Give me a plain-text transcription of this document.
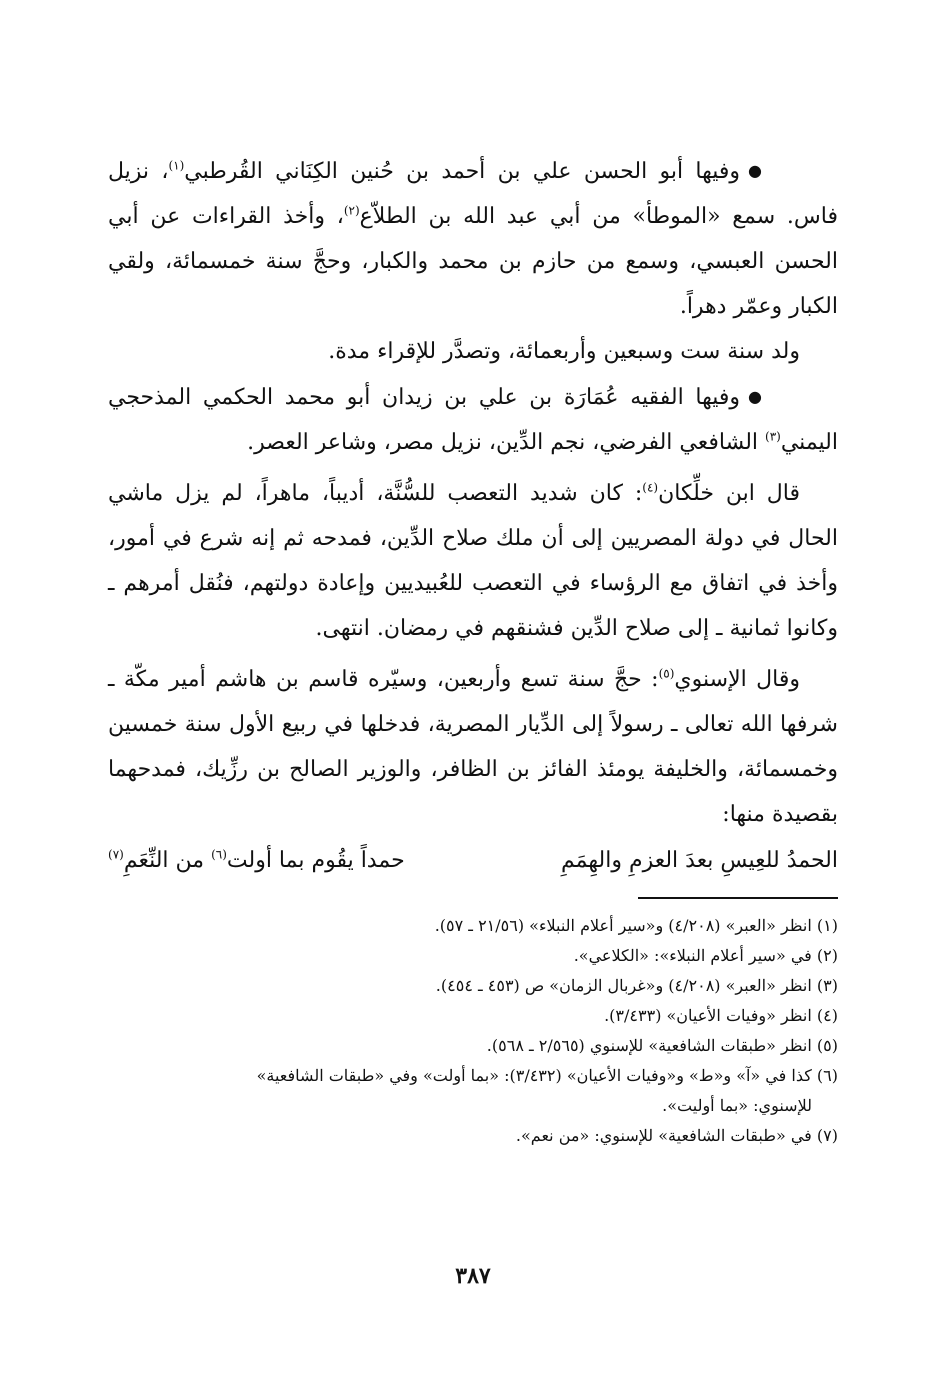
●وفيها أبو الحسن علي بن أحمد بن حُنين الكِنَاني القُرطبي$^{(١)}$، نزيل فاس. سمع «الموطأ» من أبي عبد الله بن الطلاّع$^{(٢)}$، وأخذ القراءات عن أبي الحسن العبسي، وسمع من حازم بن محمد والكبار، وحجَّ سنة خمسمائة، ولقي الكبار وعمّر دهراً.

ولد سنة ست وسبعين وأربعمائة، وتصدَّر للإقراء مدة.

●وفيها الفقيه عُمَارَة بن علي بن زيدان أبو محمد الحكمي المذحجي اليمني$^{(٣)}$ الشافعي الفرضي، نجم الدِّين، نزيل مصر، وشاعر العصر.

قال ابن خلِّكان$^{(٤)}$: كان شديد التعصب للسُّنَّة، أديباً، ماهراً، لم يزل ماشي الحال في دولة المصريين إلى أن ملك صلاح الدِّين، فمدحه ثم إنه شرع في أمور، وأخذ في اتفاق مع الرؤساء في التعصب للعُبيديين وإعادة دولتهم، فنُقل أمرهم ـ وكانوا ثمانية ـ إلى صلاح الدِّين فشنقهم في رمضان. انتهى.

وقال الإسنوي$^{(٥)}$: حجَّ سنة تسع وأربعين، وسيّره قاسم بن هاشم أمير مكّة ـ شرفها الله تعالى ـ رسولاً إلى الدِّيار المصرية، فدخلها في ربيع الأول سنة خمسين وخمسمائة، والخليفة يومئذ الفائز بن الظافر، والوزير الصالح بن رزِّيك، فمدحهما بقصيدة منها:

الحمدُ للعِيسِ بعدَ العزمِ والهِمَمِ
حمداً يقُوم بما أولت$^{(٦)}$ من النِّعَمِ$^{(٧)}$

(١) انظر «العبر» (٤/٢٠٨) و«سير أعلام النبلاء» (٢١/٥٦ ـ ٥٧).

(٢) في «سير أعلام النبلاء»: «الكلاعي».

(٣) انظر «العبر» (٤/٢٠٨) و«غربال الزمان» ص (٤٥٣ ـ ٤٥٤).

(٤) انظر «وفيات الأعيان» (٣/٤٣٣).

(٥) انظر «طبقات الشافعية» للإسنوي (٢/٥٦٥ ـ ٥٦٨).

(٦) كذا في «آ» و«ط» و«وفيات الأعيان» (٣/٤٣٢): «بما أولت» وفي «طبقات الشافعية»

للإسنوي: «بما أوليت».

(٧) في «طبقات الشافعية» للإسنوي: «من نعم».

٣٨٧
